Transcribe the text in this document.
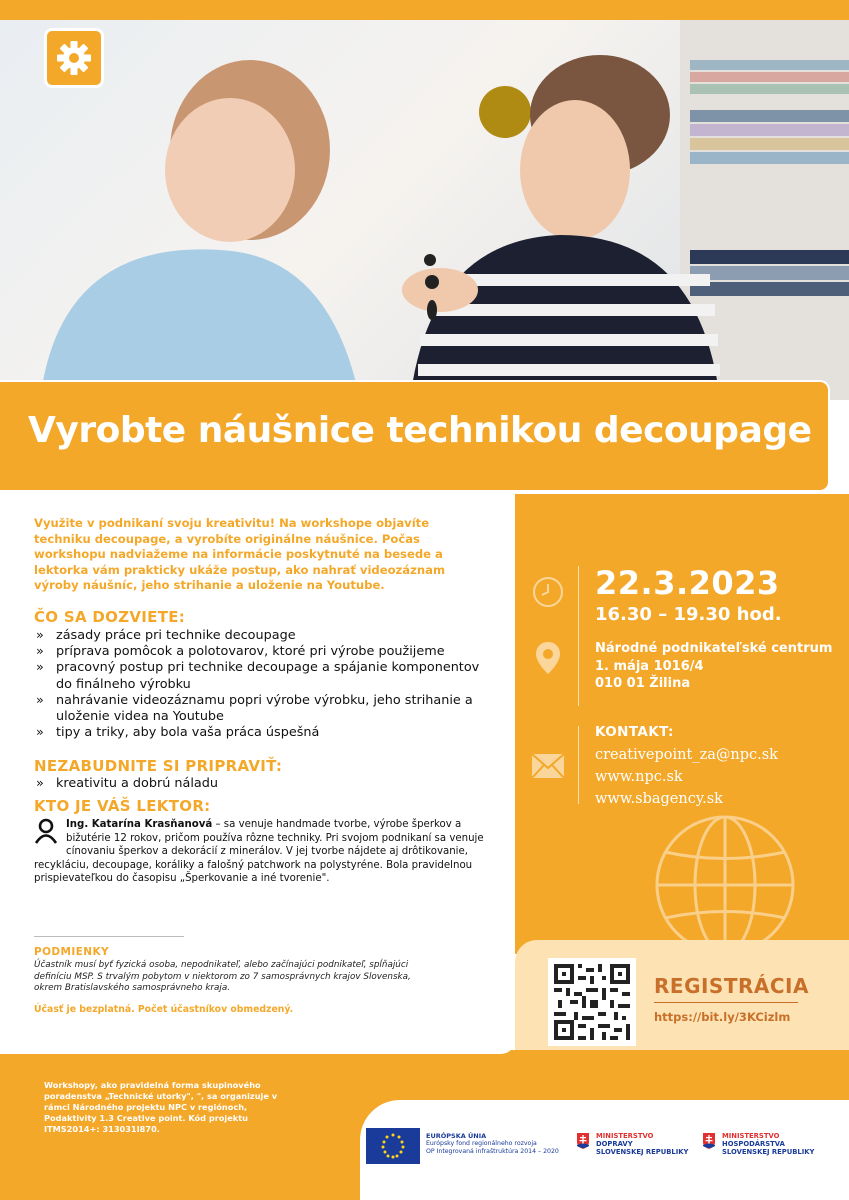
Vyrobte náušnice technikou decoupage
Využite v podnikaní svoju kreativitu! Na workshope objavíte techniku decoupage, a vyrobíte originálne náušnice. Počas workshopu nadviažeme na informácie poskytnuté na besede a lektorka vám prakticky ukáže postup, ako nahrať videozáznam výroby náušníc, jeho strihanie a uloženie na Youtube.
ČO SA DOZVIETE:
» zásady práce pri technike decoupage
» príprava pomôcok a polotovarov, ktoré pri výrobe použijeme
» pracovný postup pri technike decoupage a spájanie komponentov do finálneho výrobku
» nahrávanie videozáznamu popri výrobe výrobku, jeho strihanie a uloženie videa na Youtube
» tipy a triky, aby bola vaša práca úspešná
NEZABUDNITE SI PRIPRAVIŤ:
» kreativitu a dobrú náladu
KTO JE VÁŠ LEKTOR:
Ing. Katarína Krasňanová – sa venuje handmade tvorbe, výrobe šperkov a bižutérie 12 rokov, pričom používa rôzne techniky. Pri svojom podnikaní sa venuje cínovaniu šperkov a dekorácií z minerálov. V jej tvorbe nájdete aj drôtikovanie, recykláciu, decoupage, koráliky a falošný patchwork na polystyréne. Bola pravidelnou prispievateľkou do časopisu „Šperkovanie a iné tvorenie".
PODMIENKY
Účastník musí byť fyzická osoba, nepodnikateľ, alebo začínajúci podnikateľ, spĺňajúci definíciu MSP. S trvalým pobytom v niektorom zo 7 samosprávnych krajov Slovenska, okrem Bratislavského samosprávneho kraja.
Účasť je bezplatná. Počet účastníkov obmedzený.
22.3.2023
16.30 – 19.30 hod.
Národné podnikateľské centrum
1. mája 1016/4
010 01 Žilina
KONTAKT:
creativepoint_za@npc.sk
www.npc.sk
www.sbagency.sk
REGISTRÁCIA
https://bit.ly/3KCizlm
Workshopy, ako pravidelná forma skupinového poradenstva „Technické utorky", ", sa organizuje v rámci Národného projektu NPC v regiónoch, Podaktivity 1.3 Creative point. Kód projektu ITMS2014+: 313031I870.
EURÓPSKA ÚNIA
Európsky fond regionálneho rozvoja
OP Integrovaná infraštruktúra 2014 – 2020
MINISTERSTVO
DOPRAVY
SLOVENSKEJ REPUBLIKY
MINISTERSTVO
HOSPODÁRSTVA
SLOVENSKEJ REPUBLIKY
